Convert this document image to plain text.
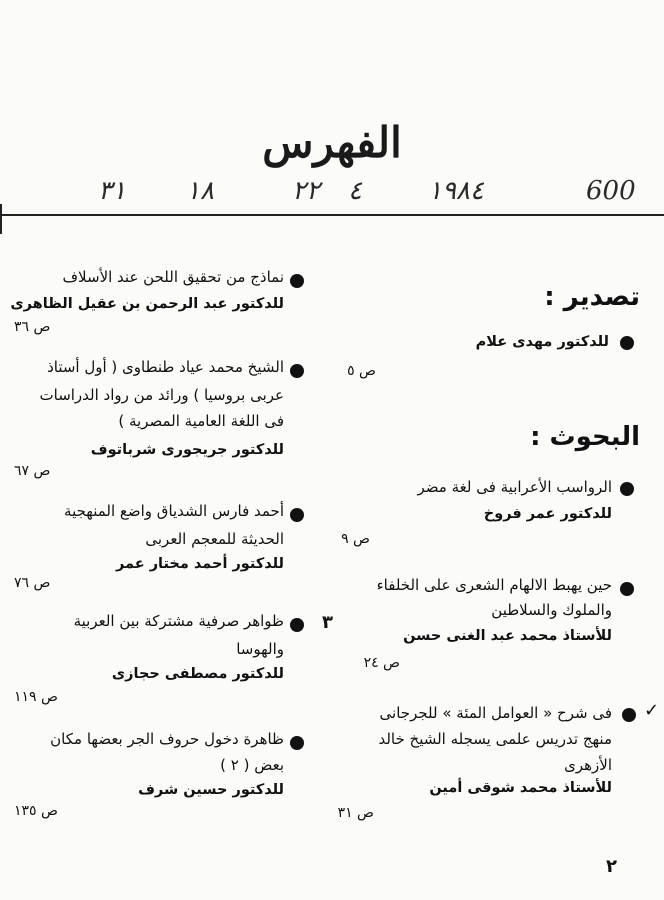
الفهرس
600
١٩٨٤
٤
٢٢
١٨
٣١
تصدير :
للدكتور مهدى علام
ص ٥
البحوث :
الرواسب الأعرابية فى لغة مضر
للدكتور عمر فروخ
ص ٩
حين يهبط الالهام الشعرى على الخلفاء
والملوك والسلاطين
٣
للأستاذ محمد عبد الغنى حسن
ص ٢٤
✓
فى شرح « العوامل المئة » للجرجانى
منهج تدريس علمى يسجله الشيخ خالد
الأزهرى
للأستاذ محمد شوقى أمين
ص ٣١
نماذج من تحقيق اللحن عند الأسلاف
للدكتور عبد الرحمن بن عقيل الظاهرى
ص ٣٦
الشيخ محمد عياد طنطاوى ( أول أستاذ
عربى بروسيا ) ورائد من رواد الدراسات
فى اللغة العامية المصرية )
للدكتور جريجورى شرباتوف
ص ٦٧
أحمد فارس الشدياق واضع المنهجية
الحديثة للمعجم العربى
للدكتور أحمد مختار عمر
ص ٧٦
ظواهر صرفية مشتركة بين العربية
والهوسا
للدكتور مصطفى حجازى
ص ١١٩
ظاهرة دخول حروف الجر بعضها مكان
بعض ( ٢ )
للدكتور حسين شرف
ص ١٣٥
٢
